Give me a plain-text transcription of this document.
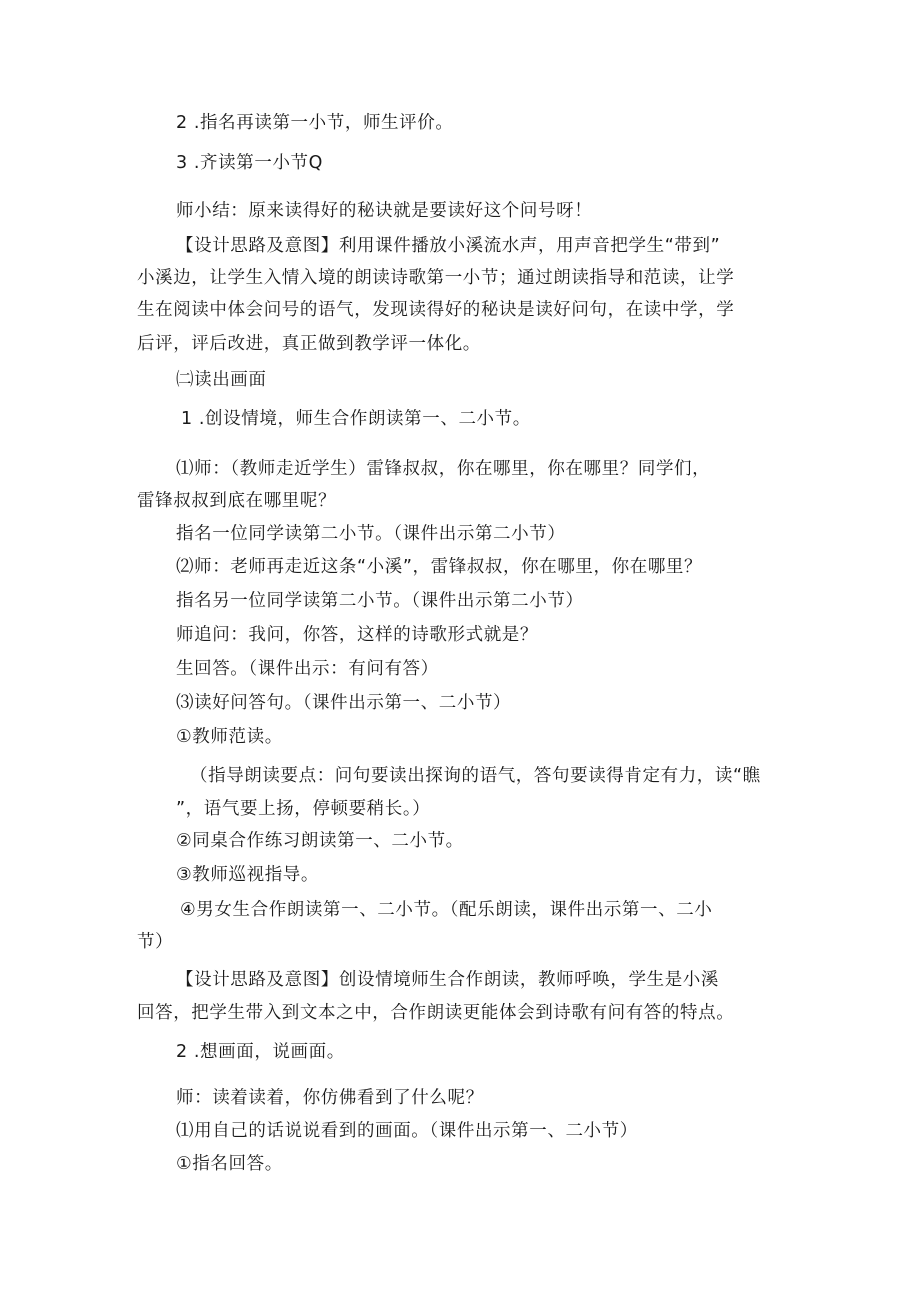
2 .指名再读第一小节，师生评价。
3 .齐读第一小节Q
师小结：原来读得好的秘诀就是要读好这个问号呀！
【设计思路及意图】利用课件播放小溪流水声，用声音把学生“带到”
小溪边，让学生入情入境的朗读诗歌第一小节；通过朗读指导和范读，让学
生在阅读中体会问号的语气，发现读得好的秘诀是读好问句，在读中学，学
后评，评后改进，真正做到教学评一体化。
㈡读出画面
1 .创设情境，师生合作朗读第一、二小节。
⑴师：（教师走近学生）雷锋叔叔，你在哪里，你在哪里？同学们，
雷锋叔叔到底在哪里呢？
指名一位同学读第二小节。（课件出示第二小节）
⑵师：老师再走近这条“小溪”，雷锋叔叔，你在哪里，你在哪里？
指名另一位同学读第二小节。（课件出示第二小节）
师追问：我问，你答，这样的诗歌形式就是？
生回答。（课件出示：有问有答）
⑶读好问答句。（课件出示第一、二小节）
①教师范读。
（指导朗读要点：问句要读出探询的语气，答句要读得肯定有力，读“瞧
”，语气要上扬，停顿要稍长。）
②同桌合作练习朗读第一、二小节。
③教师巡视指导。
④男女生合作朗读第一、二小节。（配乐朗读，课件出示第一、二小
节）
【设计思路及意图】创设情境师生合作朗读，教师呼唤，学生是小溪
回答，把学生带入到文本之中，合作朗读更能体会到诗歌有问有答的特点。
2 .想画面，说画面。
师：读着读着，你仿佛看到了什么呢？
⑴用自己的话说说看到的画面。（课件出示第一、二小节）
①指名回答。
